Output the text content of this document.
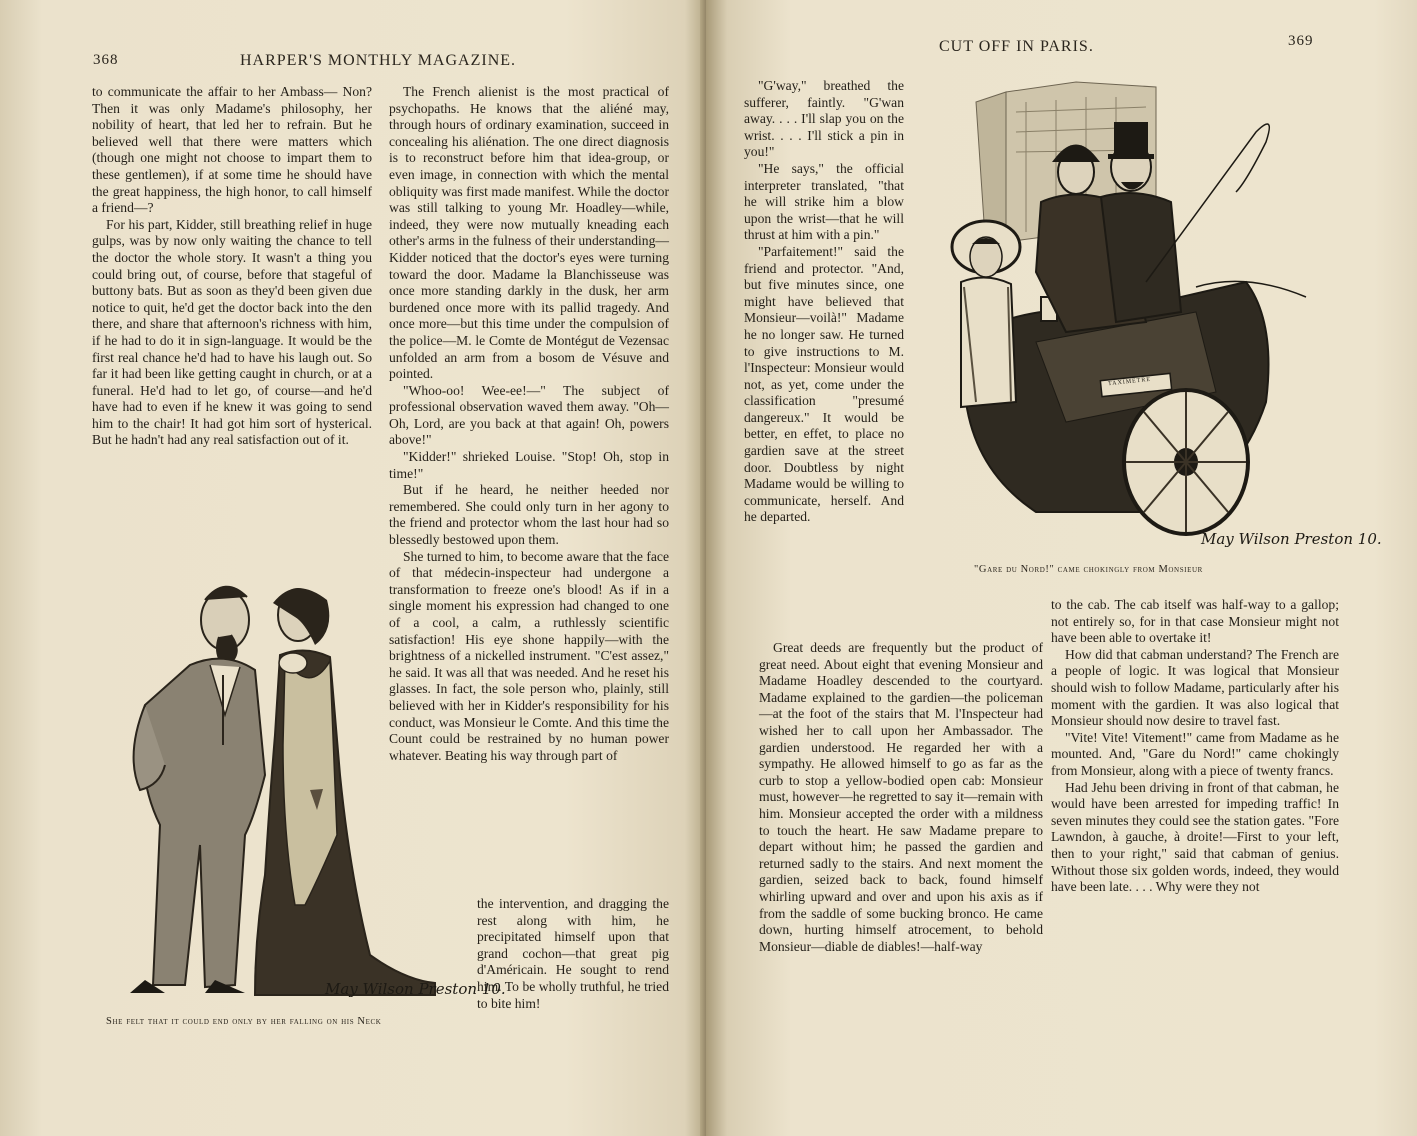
368	HARPER'S MONTHLY MAGAZINE.

to communicate the affair to her Ambass— Non? Then it was only Madame's philosophy, her nobility of heart, that led her to refrain. But he believed well that there were matters which (though one might not choose to impart them to these gentlemen), if at some time he should have the great happiness, the high honor, to call himself a friend—?

For his part, Kidder, still breathing relief in huge gulps, was by now only waiting the chance to tell the doctor the whole story. It wasn't a thing you could bring out, of course, before that stageful of buttony bats. But as soon as they'd been given due notice to quit, he'd get the doctor back into the den there, and share that afternoon's richness with him, if he had to do it in sign-language. It would be the first real chance he'd had to have his laugh out. So far it had been like getting caught in church, or at a funeral. He'd had to let go, of course—and he'd have had to even if he knew it was going to send him to the chair! It had got him sort of hysterical. But he hadn't had any real satisfaction out of it.

The French alienist is the most practical of psychopaths. He knows that the aliéné may, through hours of ordinary examination, succeed in concealing his aliénation. The one direct diagnosis is to reconstruct before him that idea-group, or even image, in connection with which the mental obliquity was first made manifest. While the doctor was still talking to young Mr. Hoadley—while, indeed, they were now mutually kneading each other's arms in the fulness of their understanding—Kidder noticed that the doctor's eyes were turning toward the door. Madame la Blanchisseuse was once more standing darkly in the dusk, her arm burdened once more with its pallid tragedy. And once more—but this time under the compulsion of the police—M. le Comte de Montégut de Vezensac unfolded an arm from a bosom de Vésuve and pointed.

"Whoo-oo! Wee-ee!—" The subject of professional observation waved them away. "Oh— Oh, Lord, are you back at that again! Oh, powers above!"

"Kidder!" shrieked Louise. "Stop! Oh, stop in time!"

But if he heard, he neither heeded nor remembered. She could only turn in her agony to the friend and protector whom the last hour had so blessedly bestowed upon them.

She turned to him, to become aware that the face of that médecin-inspecteur had undergone a transformation to freeze one's blood! As if in a single moment his expression had changed to one of a cool, a calm, a ruthlessly scientific satisfaction! His eye shone happily—with the brightness of a nickelled instrument. "C'est assez," he said. It was all that was needed. And he reset his glasses. In fact, the sole person who, plainly, still believed with her in Kidder's responsibility for his conduct, was Monsieur le Comte. And this time the Count could be restrained by no human power whatever. Beating his way through part of

the intervention, and dragging the rest along with him, he precipitated himself upon that grand cochon—that great pig d'Américain. He sought to rend him. To be wholly truthful, he tried to bite him!

May Wilson Preston 10.
She felt that it could end only by her falling on his Neck
CUT OFF IN PARIS.	369

"G'way," breathed the sufferer, faintly. "G'wan away. . . . I'll slap you on the wrist. . . . I'll stick a pin in you!"

"He says," the official interpreter translated, "that he will strike him a blow upon the wrist—that he will thrust at him with a pin."

"Parfaitement!" said the friend and protector. "And, but five minutes since, one might have believed that Monsieur—voilà!" Madame he no longer saw. He turned to give instructions to M. l'Inspecteur: Monsieur would not, as yet, come under the classification "presumé dangereux." It would be better, en effet, to place no gardien save at the street door. Doubtless by night Madame would be willing to communicate, herself. And he departed.

Great deeds are frequently but the product of great need. About eight that evening Monsieur and Madame Hoadley descended to the courtyard. Madame explained to the gardien—the policeman—at the foot of the stairs that M. l'Inspecteur had wished her to call upon her Ambassador. The gardien understood. He regarded her with a sympathy. He allowed himself to go as far as the curb to stop a yellow-bodied open cab: Monsieur must, however—he regretted to say it—remain with him. Monsieur accepted the order with a mildness to touch the heart. He saw Madame prepare to depart without him; he passed the gardien and returned sadly to the stairs. And next moment the gardien, seized back to back, found himself whirling upward and over and upon his axis as if from the saddle of some bucking bronco. He came down, hurting himself atrocement, to behold Monsieur—diable de diables!—half-way

to the cab. The cab itself was half-way to a gallop; not entirely so, for in that case Monsieur might not have been able to overtake it!

How did that cabman understand? The French are a people of logic. It was logical that Monsieur should wish to follow Madame, particularly after his moment with the gardien. It was also logical that Monsieur should now desire to travel fast.

"Vite! Vite! Vitement!" came from Madame as he mounted. And, "Gare du Nord!" came chokingly from Monsieur, along with a piece of twenty francs.

Had Jehu been driving in front of that cabman, he would have been arrested for impeding traffic! In seven minutes they could see the station gates. "Fore Lawndon, à gauche, à droite!—First to your left, then to your right," said that cabman of genius. Without those six golden words, indeed, they would have been late. . . . Why were they not

TAXIMETRE
May Wilson Preston 10.
"Gare du Nord!" came chokingly from Monsieur
